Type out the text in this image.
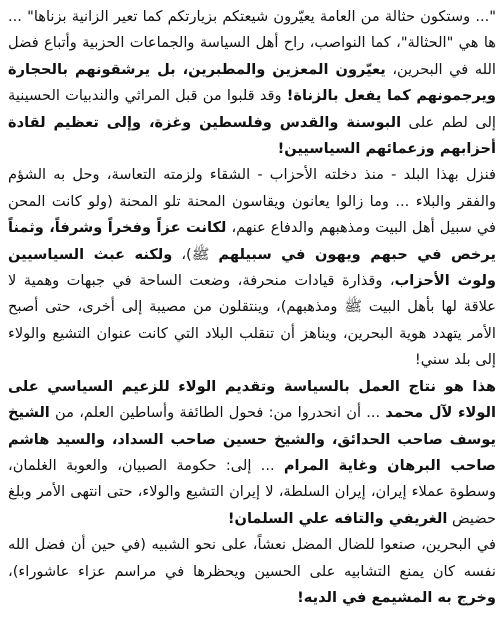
"... وستكون حثالة من العامة يعيّرون شيعتكم بزيارتكم كما تعير الزانية بزناها" ... ها هي "الحثالة"، كما النواصب، راح أهل السياسة والجماعات الحزبية وأتباع فضل الله في البحرين، يعيّرون المعزين والمطبرين، بل يرشقونهم بالحجارة ويرجمونهم كما يفعل بالزناة! وقد قلبوا من قبل المراثي والندبيات الحسينية إلى لطم على البوسنة والقدس وفلسطين وغزة، وإلى تعظيم لقادة أحزابهم وزعمائهم السياسيين!

فنزل بهذا البلد - منذ دخلته الأحزاب - الشقاء ولزمته التعاسة، وحل به الشؤم والفقر والبلاء ... وما زالوا يعانون ويقاسون المحنة تلو المحنة (ولو كانت المحن في سبيل أهل البيت ومذهبهم والدفاع عنهم، لكانت عزاً وفخراً وشرفاً، وثمناً يرخص في حبهم ويهون في سبيلهم ﷺ)، ولكنه عبث السياسيين ولوث الأحزاب، وقذارة قيادات منحرفة، وضعت الساحة في جبهات وهمية لا علاقة لها بأهل البيت ﷺ ومذهبهم)، وينتقلون من مصيبة إلى أخرى، حتى أصبح الأمر يتهدد هوية البحرين، ويناهز أن تنقلب البلاد التي كانت عنوان التشيع والولاء إلى بلد سني!

هذا هو نتاج العمل بالسياسة وتقديم الولاء للزعيم السياسي على الولاء لآل محمد ... أن انحدروا من: فحول الطائفة وأساطين العلم، من الشيخ يوسف صاحب الحدائق، والشيخ حسين صاحب السداد، والسيد هاشم صاحب البرهان وغاية المرام ... إلى: حكومة الصبيان، والعوبة الغلمان، وسطوة عملاء إيران، إيران السلطة، لا إيران التشيع والولاء، حتى انتهى الأمر وبلغ حضيض الغريفي والتافه علي السلمان!

في البحرين، صنعوا للضال المضل نعشاً، على نحو الشبيه (في حين أن فضل الله نفسه كان يمنع التشابيه على الحسين ويحظرها في مراسم عزاء عاشوراء)، وخرج به المشيمع في الديه!
